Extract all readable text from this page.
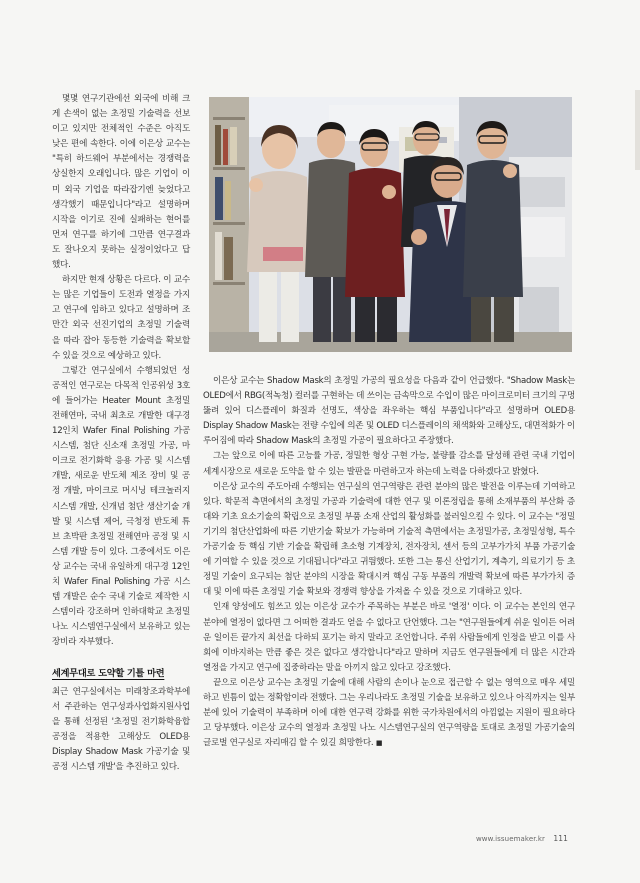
몇몇 연구기관에선 외국에 비해 크게 손색이 없는 초정밀 기술력을 선보이고 있지만 전체적인 수준은 아직도 낮은 편에 속한다. 이에 이은상 교수는 "특히 하드웨어 부분에서는 경쟁력을 상실한지 오래입니다. 많은 기업이 이미 외국 기업을 따라잡기엔 늦었다고 생각했기 때문입니다"라고 설명하며 시작을 이기로 진에 실패하는 현어를 먼저 연구를 하기에 그만큼 연구결과도 잘나오지 못하는 실정이었다고 답했다.

하지만 현재 상황은 다르다. 이 교수는 많은 기업들이 도전과 열정을 가지고 연구에 임하고 있다고 설명하며 조만간 외국 선진기업의 초정밀 기술력을 따라 잡아 동등한 기술력을 확보할 수 있을 것으로 예상하고 있다.

그렇간 연구실에서 수행되었던 성공적인 연구로는 다목적 인공위성 3호에 들어가는 Heater Mount 초정밀 전해연마, 국내 최초로 개발한 대구경 12인치 Wafer Final Polishing 가공 시스템, 첨단 신소재 초정밀 가공, 마이크로 전기화학 응용 가공 및 시스템 개발, 새로운 반도체 제조 장비 및 공정 개발, 마이크로 머시닝 테크놀러지 시스템 개발, 신개념 첨단 생산기술 개발 및 시스템 제어, 극청정 반도체 튜브 초박판 초정밀 전해연마 공정 및 시스템 개발 등이 있다. 그중에서도 이은상 교수는 국내 유일하게 대구경 12인치 Wafer Final Polishing 가공 시스템 개발은 순수 국내 기술로 제작한 시스템이라 강조하며 인하대학교 초정밀 나노 시스템연구실에서 보유하고 있는 장비라 자부했다.

세계무대로 도약할 기틀 마련

최근 연구실에서는 미래창조과학부에서 주관하는 연구성과사업화지원사업을 통해 선정된 '초정밀 전기화학융합 공정을 적용한 고해상도 OLED용 Display Shadow Mask 가공기술 및 공정 시스템 개발'을 추진하고 있다.

이은상 교수는 Shadow Mask의 초정밀 가공의 필요성을 다음과 같이 언급했다. "Shadow Mask는 OLED에서 RBG(적녹청) 컬러를 구현하는 데 쓰이는 금속막으로 수입이 많은 마이크로미터 크기의 구멍 뚫려 있어 디스플레이 화질과 선명도, 색상을 좌우하는 핵심 부품입니다"라고 설명하며 OLED용 Display Shadow Mask는 전량 수입에 의존 및 OLED 디스플레이의 채색화와 고해상도, 대면적화가 이루어짐에 따라 Shadow Mask의 초정밀 가공이 필요하다고 주장했다.

그는 앞으로 이에 따른 고능률 가공, 정밀한 형상 구현 가능, 불량률 감소를 달성해 관련 국내 기업이 세계시장으로 새로운 도약을 할 수 있는 발판을 마련하고자 하는데 노력을 다하겠다고 밝혔다.

이은상 교수의 주도아래 수행되는 연구실의 연구역량은 관련 분야의 많은 발전을 이루는데 기여하고 있다. 학문적 측면에서의 초정밀 가공과 기술력에 대한 연구 및 이론정립을 통해 소재부품의 부산화 증대와 기초 요소기술의 확립으로 초정밀 부품 소재 산업의 활성화를 불러일으킬 수 있다. 이 교수는 "정밀기기의 첨단산업화에 따른 기반기술 확보가 가능하며 기술적 측면에서는 초정밀가공, 초정밀성형, 특수가공기술 등 핵심 기반 기술을 확립해 초소형 기계장치, 전자장치, 센서 등의 고부가가치 부품 가공기술에 기여할 수 있을 것으로 기대됩니다"라고 귀띔했다. 또한 그는 통신 산업기기, 계측기, 의료기기 등 초정밀 기술이 요구되는 첨단 분야의 시장을 확대시켜 핵심 구동 부품의 개발력 확보에 따른 부가가치 증대 및 이에 따른 초정밀 기술 확보와 경쟁력 향상을 가져올 수 있을 것으로 기대하고 있다.

인재 양성에도 힘쓰고 있는 이은상 교수가 주목하는 부분은 바로 '열정' 이다. 이 교수는 본인의 연구 분야에 열정이 없다면 그 어떠한 결과도 얻을 수 없다고 단언했다. 그는 "연구원들에게 쉬운 일이든 어려운 일이든 끝가지 최선을 다하되 포기는 하지 말라고 조언합니다. 주위 사람들에게 인정을 받고 이를 사회에 이바지하는 만큼 좋은 것은 없다고 생각합니다"라고 말하며 지금도 연구원들에게 더 많은 시간과 열정을 가지고 연구에 집중하라는 말을 아끼지 않고 있다고 강조했다.

끝으로 이은상 교수는 초정밀 기술에 대해 사람의 손이나 눈으로 접근할 수 없는 영역으로 매우 세밀하고 빈틈이 없는 정확함이라 전했다. 그는 우리나라도 초정밀 기술을 보유하고 있으나 아직까지는 일부분에 있어 기술력이 부족하며 이에 대한 연구력 강화를 위한 국가차원에서의 아낌없는 지원이 필요하다고 당부했다. 이은상 교수의 열정과 초정밀 나노 시스템연구실의 연구역량을 토대로 초정밀 가공기술의 글로벌 연구실로 자리매김 할 수 있길 희망한다. ■

www.issuemaker.kr 111
